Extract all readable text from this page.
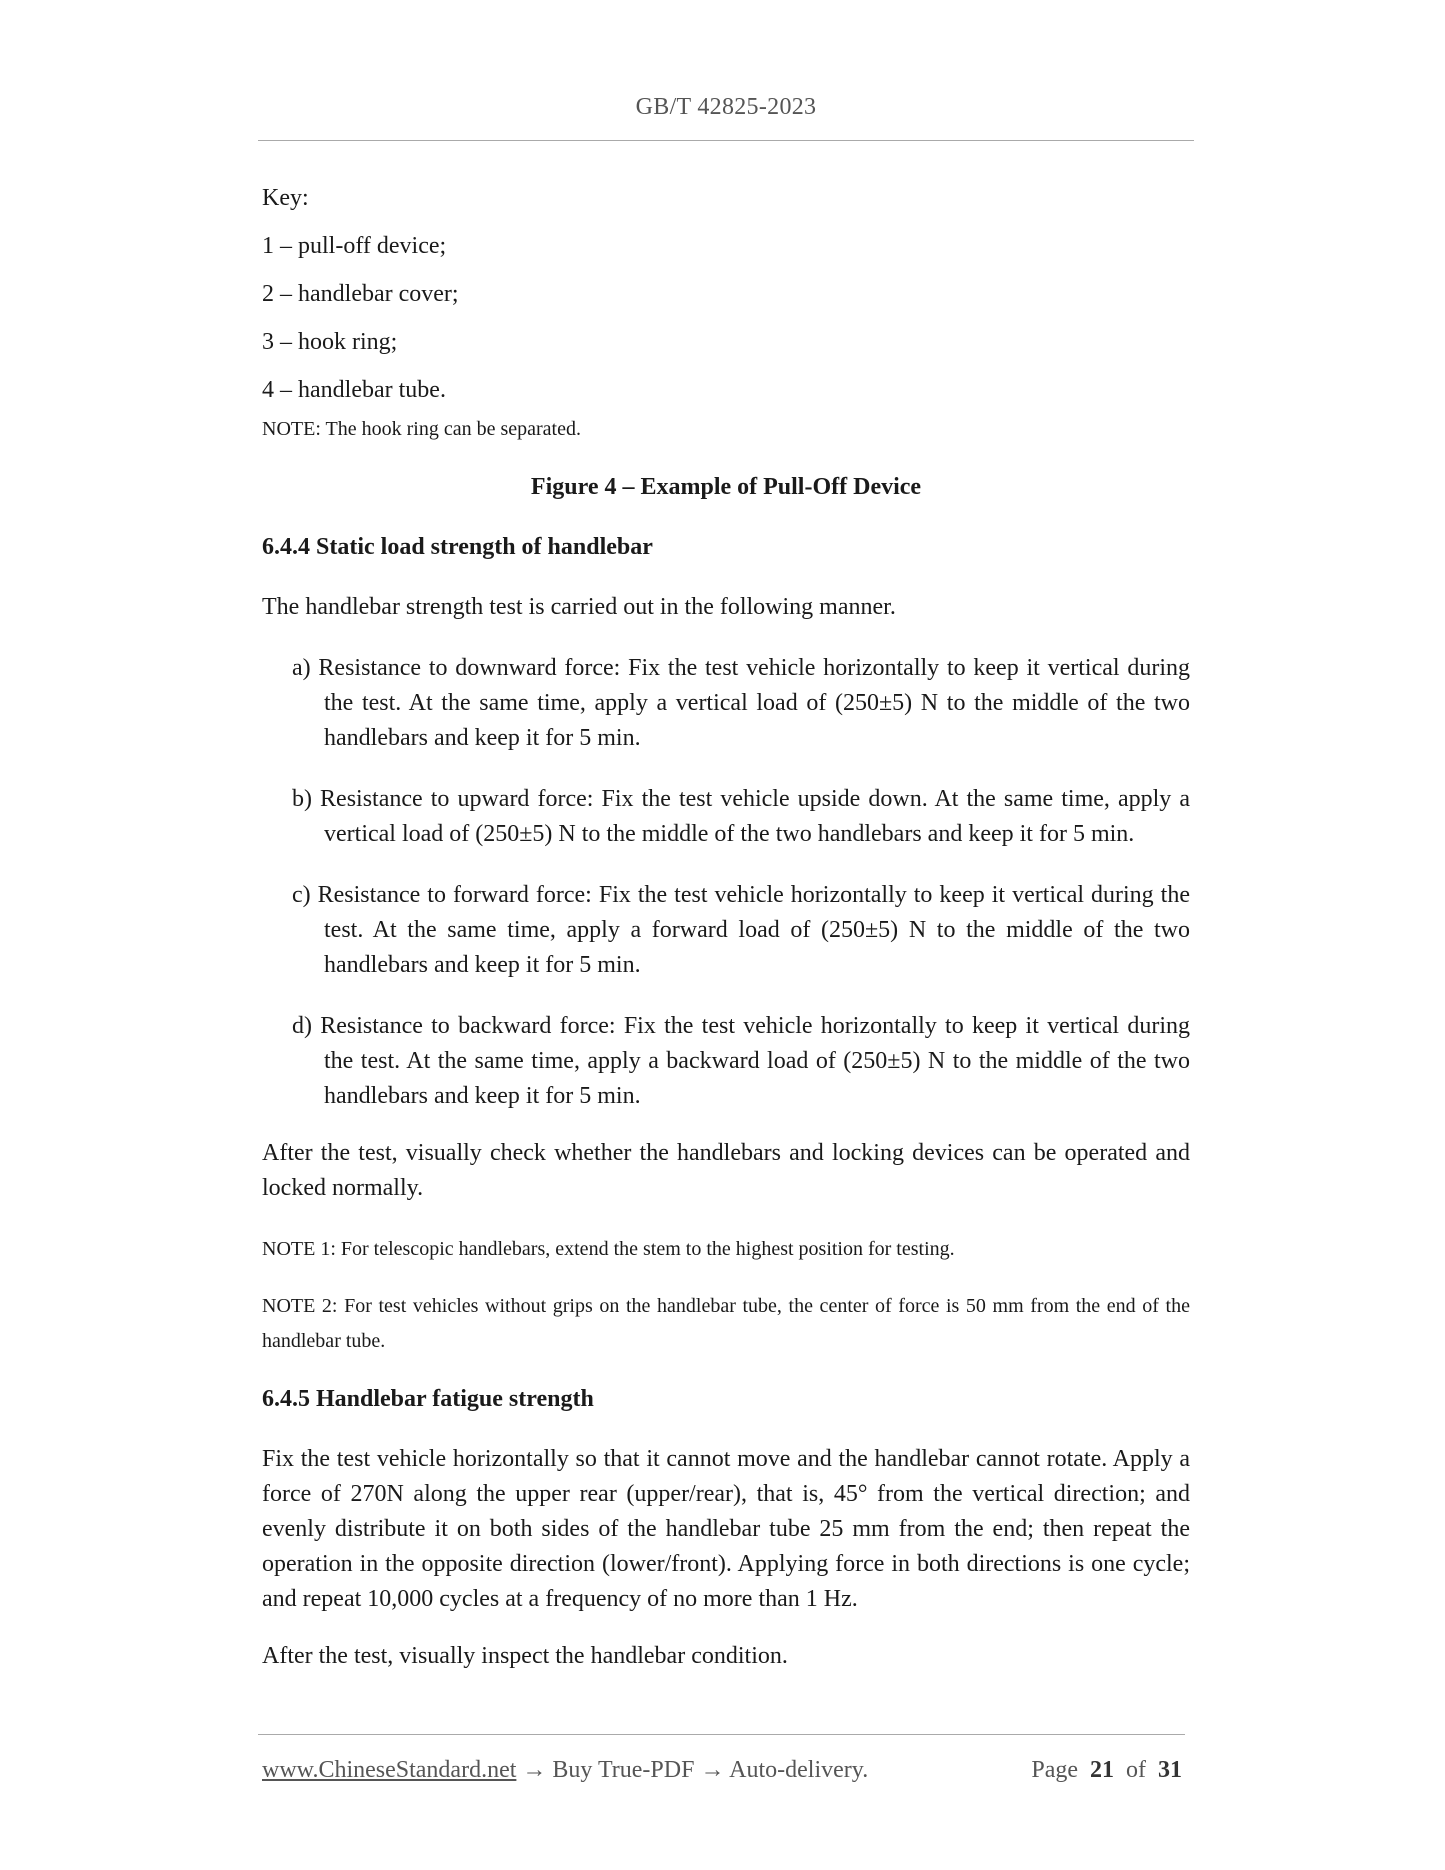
GB/T 42825-2023

Key:

1 – pull-off device;

2 – handlebar cover;

3 – hook ring;

4 – handlebar tube.

NOTE: The hook ring can be separated.

Figure 4 – Example of Pull-Off Device

6.4.4 Static load strength of handlebar

The handlebar strength test is carried out in the following manner.

a) Resistance to downward force: Fix the test vehicle horizontally to keep it vertical during the test. At the same time, apply a vertical load of (250±5) N to the middle of the two handlebars and keep it for 5 min.

b) Resistance to upward force: Fix the test vehicle upside down. At the same time, apply a vertical load of (250±5) N to the middle of the two handlebars and keep it for 5 min.

c) Resistance to forward force: Fix the test vehicle horizontally to keep it vertical during the test. At the same time, apply a forward load of (250±5) N to the middle of the two handlebars and keep it for 5 min.

d) Resistance to backward force: Fix the test vehicle horizontally to keep it vertical during the test. At the same time, apply a backward load of (250±5) N to the middle of the two handlebars and keep it for 5 min.

After the test, visually check whether the handlebars and locking devices can be operated and locked normally.

NOTE 1: For telescopic handlebars, extend the stem to the highest position for testing.

NOTE 2: For test vehicles without grips on the handlebar tube, the center of force is 50 mm from the end of the handlebar tube.

6.4.5 Handlebar fatigue strength

Fix the test vehicle horizontally so that it cannot move and the handlebar cannot rotate. Apply a force of 270N along the upper rear (upper/rear), that is, 45° from the vertical direction; and evenly distribute it on both sides of the handlebar tube 25 mm from the end; then repeat the operation in the opposite direction (lower/front). Applying force in both directions is one cycle; and repeat 10,000 cycles at a frequency of no more than 1 Hz.

After the test, visually inspect the handlebar condition.

www.ChineseStandard.net → Buy True-PDF → Auto-delivery.	Page 21 of 31
